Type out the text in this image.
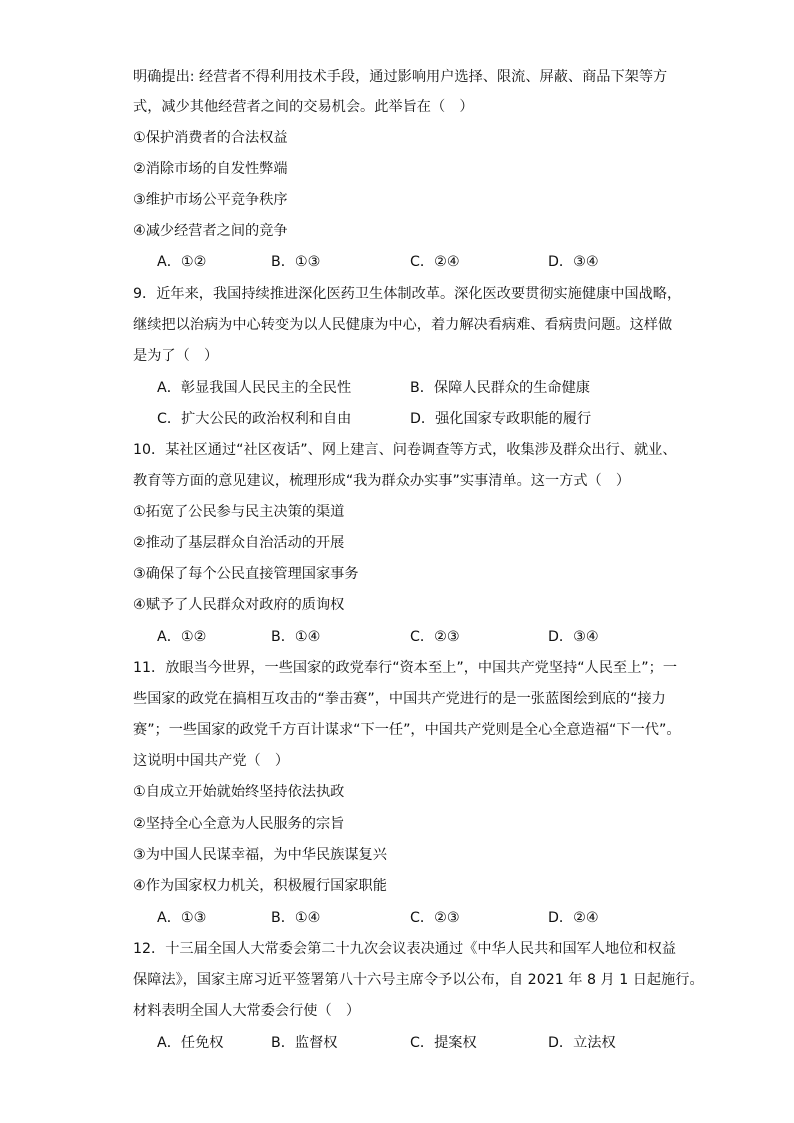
明确提出: 经营者不得利用技术手段，通过影响用户选择、限流、屏蔽、商品下架等方
式，减少其他经营者之间的交易机会。此举旨在（　）
①保护消费者的合法权益
②消除市场的自发性弊端
③维护市场公平竞争秩序
④减少经营者之间的竞争
A．①②	B．①③	C．②④	D．③④
9．近年来，我国持续推进深化医药卫生体制改革。深化医改要贯彻实施健康中国战略，
继续把以治病为中心转变为以人民健康为中心，着力解决看病难、看病贵问题。这样做
是为了（　）
A．彰显我国人民民主的全民性	B．保障人民群众的生命健康
C．扩大公民的政治权利和自由	D．强化国家专政职能的履行
10．某社区通过“社区夜话”、网上建言、问卷调查等方式，收集涉及群众出行、就业、
教育等方面的意见建议，梳理形成“我为群众办实事”实事清单。这一方式（　）
①拓宽了公民参与民主决策的渠道
②推动了基层群众自治活动的开展
③确保了每个公民直接管理国家事务
④赋予了人民群众对政府的质询权
A．①②	B．①④	C．②③	D．③④
11．放眼当今世界，一些国家的政党奉行“资本至上”，中国共产党坚持“人民至上”；一
些国家的政党在搞相互攻击的“拳击赛”，中国共产党进行的是一张蓝图绘到底的“接力
赛”；一些国家的政党千方百计谋求“下一任”，中国共产党则是全心全意造福“下一代”。
这说明中国共产党（　）
①自成立开始就始终坚持依法执政
②坚持全心全意为人民服务的宗旨
③为中国人民谋幸福，为中华民族谋复兴
④作为国家权力机关，积极履行国家职能
A．①③	B．①④	C．②③	D．②④
12．十三届全国人大常委会第二十九次会议表决通过《中华人民共和国军人地位和权益
保障法》，国家主席习近平签署第八十六号主席令予以公布，自 2021 年 8 月 1 日起施行。
材料表明全国人大常委会行使（　）
A．任免权	B．监督权	C．提案权	D．立法权
